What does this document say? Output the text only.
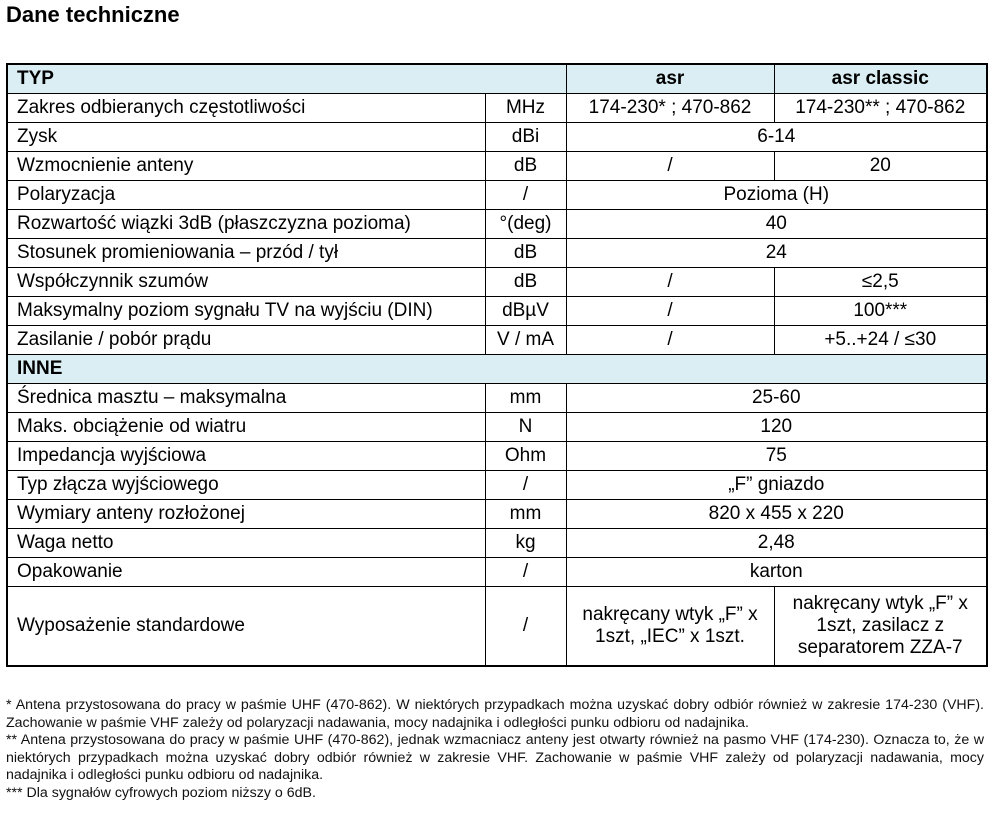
Dane techniczne
TYP		asr	asr classic
Zakres odbieranych częstotliwości	MHz	174-230* ; 470-862	174-230** ; 470-862
Zysk	dBi	6-14	
Wzmocnienie anteny	dB	/	20
Polaryzacja	/	Pozioma (H)	
Rozwartość wiązki 3dB (płaszczyzna pozioma)	°(deg)	40	
Stosunek promieniowania – przód / tył	dB	24	
Współczynnik szumów	dB	/	≤2,5
Maksymalny poziom sygnału TV na wyjściu (DIN)	dBµV	/	100***
Zasilanie / pobór prądu	V / mA	/	+5..+24 / ≤30
INNE			
Średnica masztu – maksymalna	mm	25-60	
Maks. obciążenie od wiatru	N	120	
Impedancja wyjściowa	Ohm	75	
Typ złącza wyjściowego	/	„F” gniazdo	
Wymiary anteny rozłożonej	mm	820 x 455 x 220	
Waga netto	kg	2,48	
Opakowanie	/	karton	
Wyposażenie standardowe	/	nakręcany wtyk „F” x 1szt, „IEC” x 1szt.	nakręcany wtyk „F” x 1szt, zasilacz z separatorem ZZA-7

* Antena przystosowana do pracy w paśmie UHF (470-862). W niektórych przypadkach można uzyskać dobry odbiór również w zakresie 174-230 (VHF). Zachowanie w paśmie VHF zależy od polaryzacji nadawania, mocy nadajnika i odległości punku odbioru od nadajnika.

** Antena przystosowana do pracy w paśmie UHF (470-862), jednak wzmacniacz anteny jest otwarty również na pasmo VHF (174-230). Oznacza to, że w niektórych przypadkach można uzyskać dobry odbiór również w zakresie VHF. Zachowanie w paśmie VHF zależy od polaryzacji nadawania, mocy nadajnika i odległości punku odbioru od nadajnika.

*** Dla sygnałów cyfrowych poziom niższy o 6dB.
